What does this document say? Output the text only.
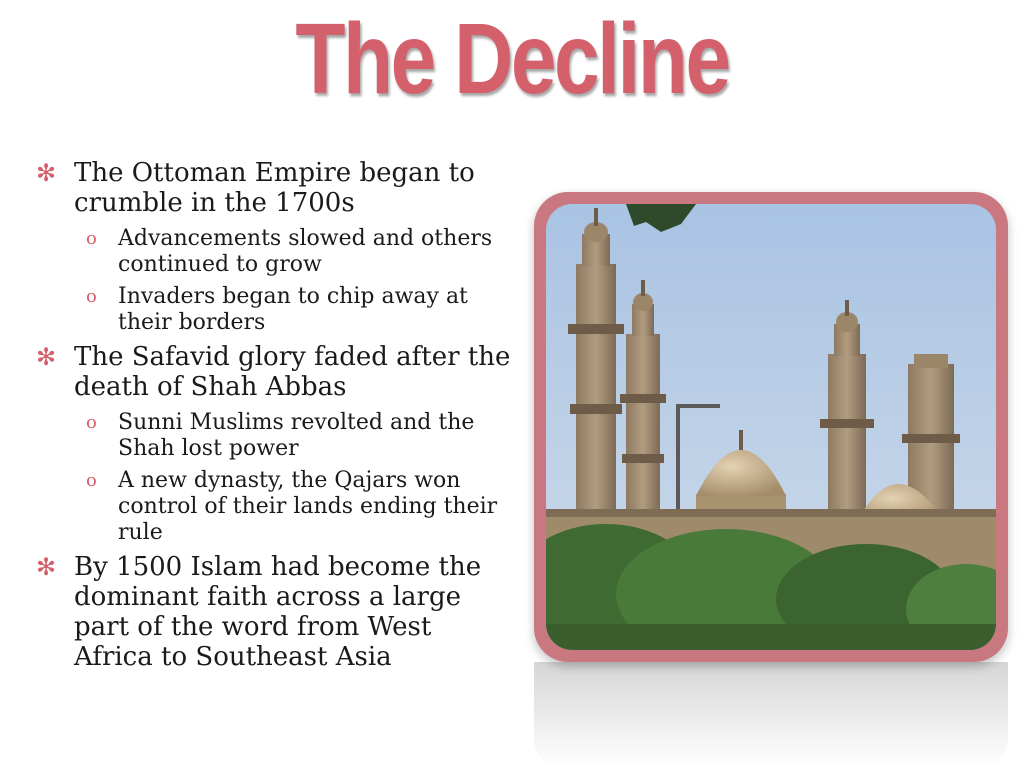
The Decline
✻ The Ottoman Empire began to crumble in the 1700s
o Advancements slowed and others continued to grow
o Invaders began to chip away at their borders
✻ The Safavid glory faded after the death of Shah Abbas
o Sunni Muslims revolted and the Shah lost power
o A new dynasty, the Qajars won control of their lands ending their rule
✻ By 1500 Islam had become the dominant faith across a large part of the word from West Africa to Southeast Asia
